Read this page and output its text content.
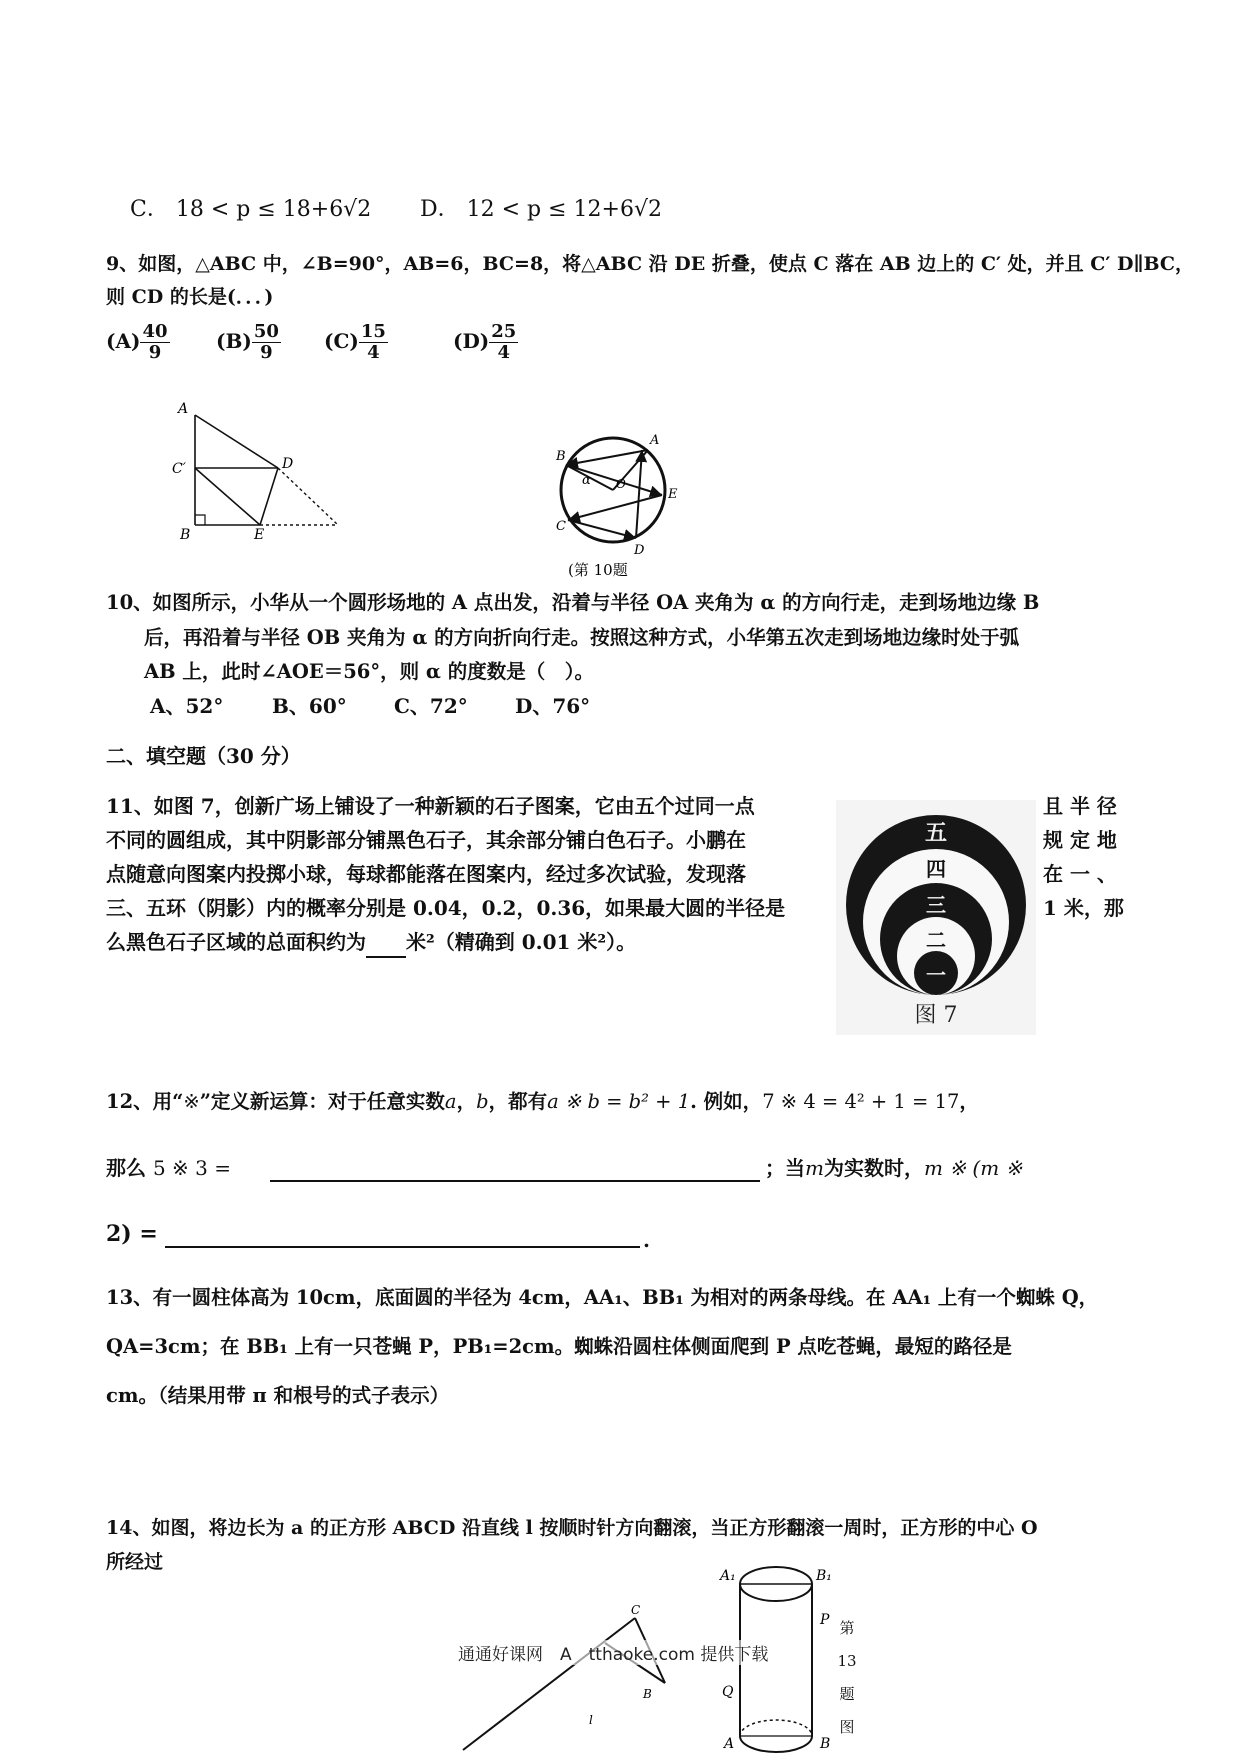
C． 18 < p ≤ 18+6√2 D． 12 < p ≤ 12+6√2
9、如图，△ABC 中，∠B=90°，AB=6，BC=8，将△ABC 沿 DE 折叠，使点 C 落在 AB 边上的 C′ 处，并且 C′ D∥BC，
则 CD 的长是(．．．)
$(A) \frac{40}{9} (B) \frac{50}{9} (C) \frac{15}{4}$	$(D) \frac{25}{4}$
A
C′	D
B	E
A
B
O
E
C
D
α
(第 10题
10、如图所示，小华从一个圆形场地的 A 点出发，沿着与半径 OA 夹角为 α 的方向行走，走到场地边缘 B
后，再沿着与半径 OB 夹角为 α 的方向折向行走。按照这种方式，小华第五次走到场地边缘时处于弧
AB 上，此时∠AOE＝56°，则 α 的度数是（　）。
A、52° B、60° C、72° D、76°
二、填空题（30 分）
11、如图 7，创新广场上铺设了一种新颖的石子图案，它由五个过同一点
不同的圆组成，其中阴影部分铺黑色石子，其余部分铺白色石子。小鹏在
点随意向图案内投掷小球，每球都能落在图案内，经过多次试验，发现落
三、五环（阴影）内的概率分别是 0.04，0.2，0.36，如果最大圆的半径是
么黑色石子区域的总面积约为 米²（精确到 0.01 米²）。
且 半 径
规 定 地
在 一 、
1 米，那
五
四
三
二
一
图 7
12、用“※”定义新运算：对于任意实数a，b，都有a ※ b = b² + 1. 例如，7 ※ 4 = 4² + 1 = 17，
那么 5 ※ 3 =	；当m为实数时，m ※ (m ※
2) =	.
13、有一圆柱体高为 10cm，底面圆的半径为 4cm，AA₁、BB₁ 为相对的两条母线。在 AA₁ 上有一个蜘蛛 Q，
QA=3cm；在 BB₁ 上有一只苍蝇 P，PB₁=2cm。蜘蛛沿圆柱体侧面爬到 P 点吃苍蝇，最短的路径是
cm。（结果用带 π 和根号的式子表示）
14、如图，将边长为 a 的正方形 ABCD 沿直线 l 按顺时针方向翻滚，当正方形翻滚一周时，正方形的中心 O
所经过
A₁	B₁
P
Q
A	B
第
13
题
图
C
B
l
通通好课网　A　tthaoke.com 提供下载
